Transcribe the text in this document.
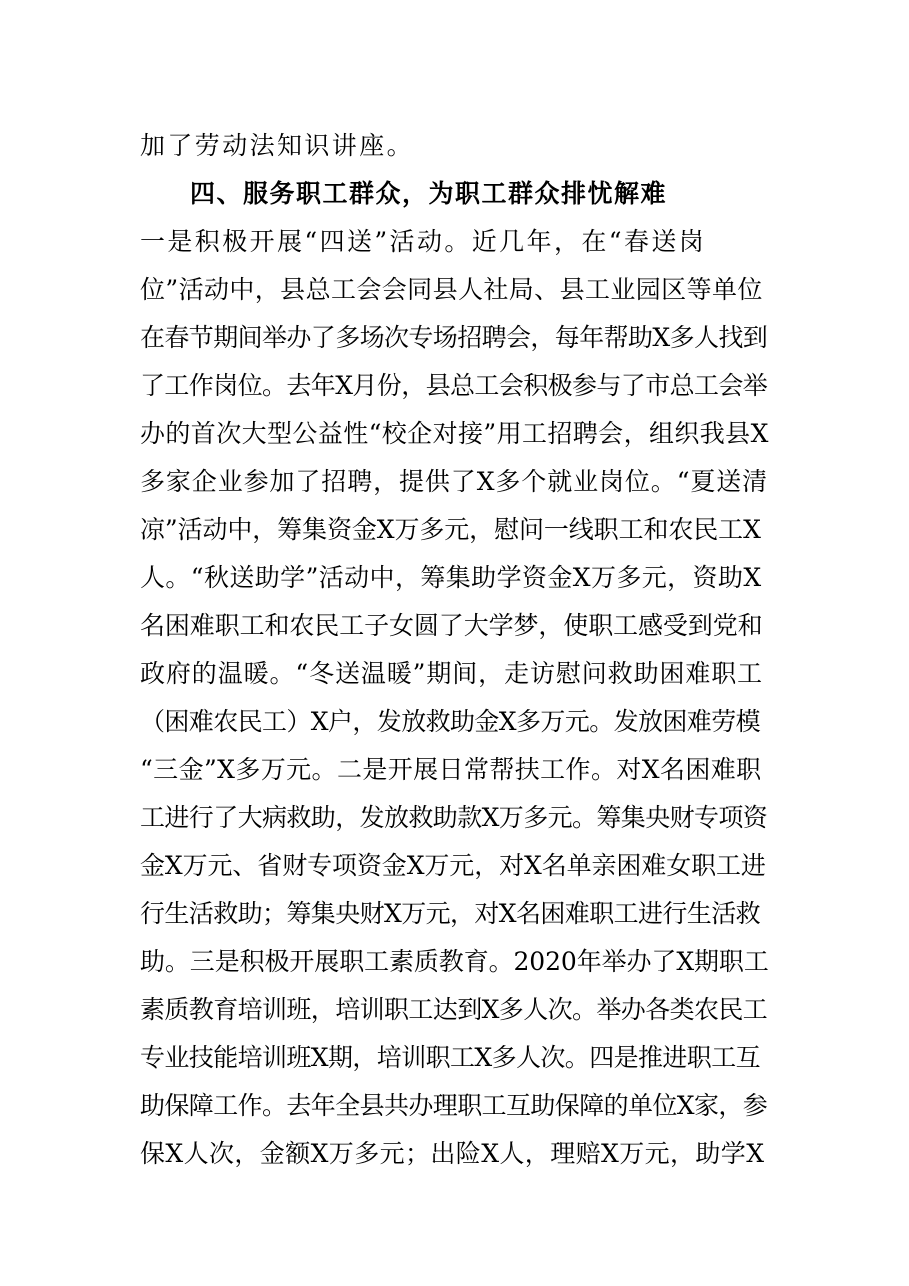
加了劳动法知识讲座。
四、服务职工群众，为职工群众排忧解难
一是积极开展“四送”活动。近几年，在“春送岗
位”活动中，县总工会会同县人社局、县工业园区等单位
在春节期间举办了多场次专场招聘会，每年帮助X多人找到
了工作岗位。去年X月份，县总工会积极参与了市总工会举
办的首次大型公益性“校企对接”用工招聘会，组织我县X
多家企业参加了招聘，提供了X多个就业岗位。“夏送清
凉”活动中，筹集资金X万多元，慰问一线职工和农民工X
人。“秋送助学”活动中，筹集助学资金X万多元，资助X
名困难职工和农民工子女圆了大学梦，使职工感受到党和
政府的温暖。“冬送温暖”期间，走访慰问救助困难职工
（困难农民工）X户，发放救助金X多万元。发放困难劳模
“三金”X多万元。二是开展日常帮扶工作。对X名困难职
工进行了大病救助，发放救助款X万多元。筹集央财专项资
金X万元、省财专项资金X万元，对X名单亲困难女职工进
行生活救助；筹集央财X万元，对X名困难职工进行生活救
助。三是积极开展职工素质教育。2020年举办了X期职工
素质教育培训班，培训职工达到X多人次。举办各类农民工
专业技能培训班X期，培训职工X多人次。四是推进职工互
助保障工作。去年全县共办理职工互助保障的单位X家，参
保X人次，金额X万多元；出险X人，理赔X万元，助学X
